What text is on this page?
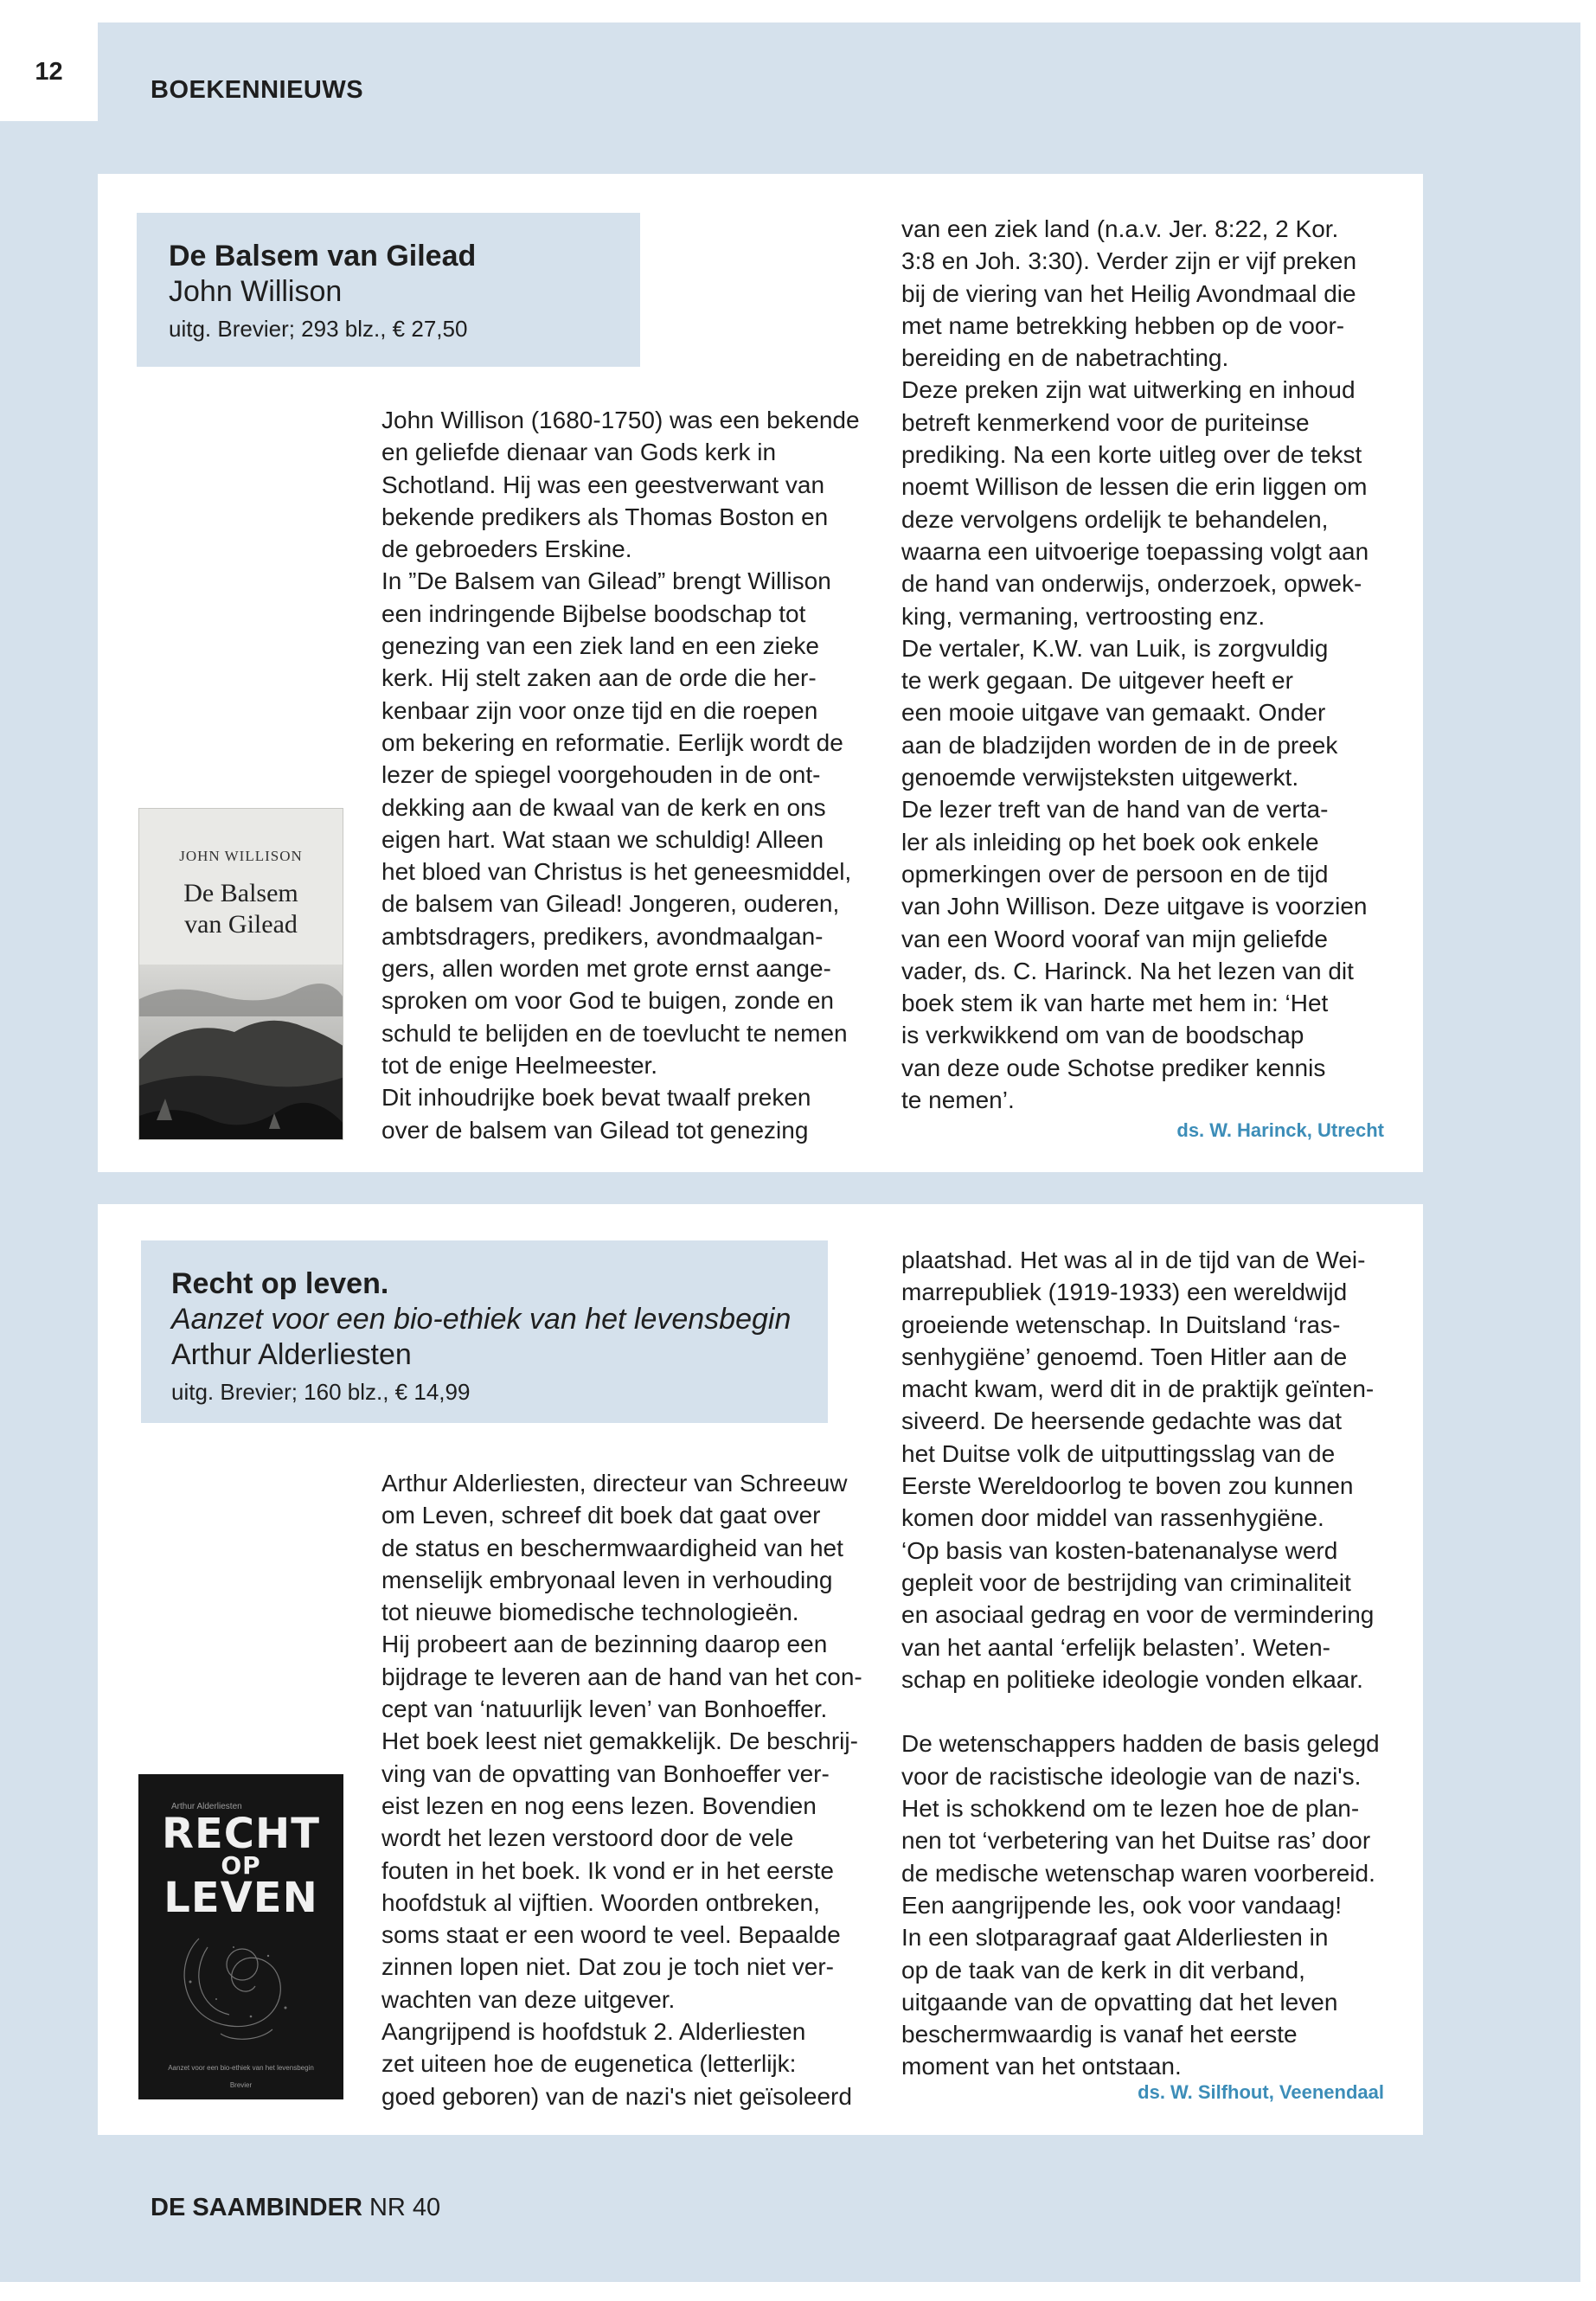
12
BOEKENNIEUWS
De Balsem van Gilead
John Willison
uitg. Brevier; 293 blz., € 27,50
JOHN WILLISON
De Balsem
van Gilead

John Willison (1680-1750) was een bekende
en geliefde dienaar van Gods kerk in
Schotland. Hij was een geestverwant van
bekende predikers als Thomas Boston en
de gebroeders Erskine.
In ”De Balsem van Gilead” brengt Willison
een indringende Bijbelse boodschap tot
genezing van een ziek land en een zieke
kerk. Hij stelt zaken aan de orde die her-
kenbaar zijn voor onze tijd en die roepen
om bekering en reformatie. Eerlijk wordt de
lezer de spiegel voorgehouden in de ont-
dekking aan de kwaal van de kerk en ons
eigen hart. Wat staan we schuldig! Alleen
het bloed van Christus is het geneesmiddel,
de balsem van Gilead! Jongeren, ouderen,
ambtsdragers, predikers, avondmaalgan-
gers, allen worden met grote ernst aange-
sproken om voor God te buigen, zonde en
schuld te belijden en de toevlucht te nemen
tot de enige Heelmeester.
Dit inhoudrijke boek bevat twaalf preken
over de balsem van Gilead tot genezing

van een ziek land (n.a.v. Jer. 8:22, 2 Kor.
3:8 en Joh. 3:30). Verder zijn er vijf preken
bij de viering van het Heilig Avondmaal die
met name betrekking hebben op de voor-
bereiding en de nabetrachting.
Deze preken zijn wat uitwerking en inhoud
betreft kenmerkend voor de puriteinse
prediking. Na een korte uitleg over de tekst
noemt Willison de lessen die erin liggen om
deze vervolgens ordelijk te behandelen,
waarna een uitvoerige toepassing volgt aan
de hand van onderwijs, onderzoek, opwek-
king, vermaning, vertroosting enz.
De vertaler, K.W. van Luik, is zorgvuldig
te werk gegaan. De uitgever heeft er
een mooie uitgave van gemaakt. Onder
aan de bladzijden worden de in de preek
genoemde verwijsteksten uitgewerkt.
De lezer treft van de hand van de verta-
ler als inleiding op het boek ook enkele
opmerkingen over de persoon en de tijd
van John Willison. Deze uitgave is voorzien
van een Woord vooraf van mijn geliefde
vader, ds. C. Harinck. Na het lezen van dit
boek stem ik van harte met hem in: ‘Het
is verkwikkend om van de boodschap
van deze oude Schotse prediker kennis
te nemen’.

ds. W. Harinck, Utrecht
Recht op leven.
Aanzet voor een bio-ethiek van het levensbegin
Arthur Alderliesten
uitg. Brevier; 160 blz., € 14,99
Arthur Alderliesten
RECHT
OP
LEVEN
Aanzet voor een bio-ethiek van het levensbegin
Brevier

Arthur Alderliesten, directeur van Schreeuw
om Leven, schreef dit boek dat gaat over
de status en beschermwaardigheid van het
menselijk embryonaal leven in verhouding
tot nieuwe biomedische technologieën.
Hij probeert aan de bezinning daarop een
bijdrage te leveren aan de hand van het con-
cept van ‘natuurlijk leven’ van Bonhoeffer.
Het boek leest niet gemakkelijk. De beschrij-
ving van de opvatting van Bonhoeffer ver-
eist lezen en nog eens lezen. Bovendien
wordt het lezen verstoord door de vele
fouten in het boek. Ik vond er in het eerste
hoofdstuk al vijftien. Woorden ontbreken,
soms staat er een woord te veel. Bepaalde
zinnen lopen niet. Dat zou je toch niet ver-
wachten van deze uitgever.
Aangrijpend is hoofdstuk 2. Alderliesten
zet uiteen hoe de eugenetica (letterlijk:
goed geboren) van de nazi's niet geïsoleerd

plaatshad. Het was al in de tijd van de Wei-
marrepubliek (1919-1933) een wereldwijd
groeiende wetenschap. In Duitsland ‘ras-
senhygiëne’ genoemd. Toen Hitler aan de
macht kwam, werd dit in de praktijk geïnten-
siveerd. De heersende gedachte was dat
het Duitse volk de uitputtingsslag van de
Eerste Wereldoorlog te boven zou kunnen
komen door middel van rassenhygiëne.
‘Op basis van kosten-batenanalyse werd
gepleit voor de bestrijding van criminaliteit
en asociaal gedrag en voor de vermindering
van het aantal ‘erfelijk belasten’. Weten-
schap en politieke ideologie vonden elkaar.

De wetenschappers hadden de basis gelegd
voor de racistische ideologie van de nazi's.
Het is schokkend om te lezen hoe de plan-
nen tot ‘verbetering van het Duitse ras’ door
de medische wetenschap waren voorbereid.
Een aangrijpende les, ook voor vandaag!
In een slotparagraaf gaat Alderliesten in
op de taak van de kerk in dit verband,
uitgaande van de opvatting dat het leven
beschermwaardig is vanaf het eerste
moment van het ontstaan.

ds. W. Silfhout, Veenendaal
DE SAAMBINDER NR 40
